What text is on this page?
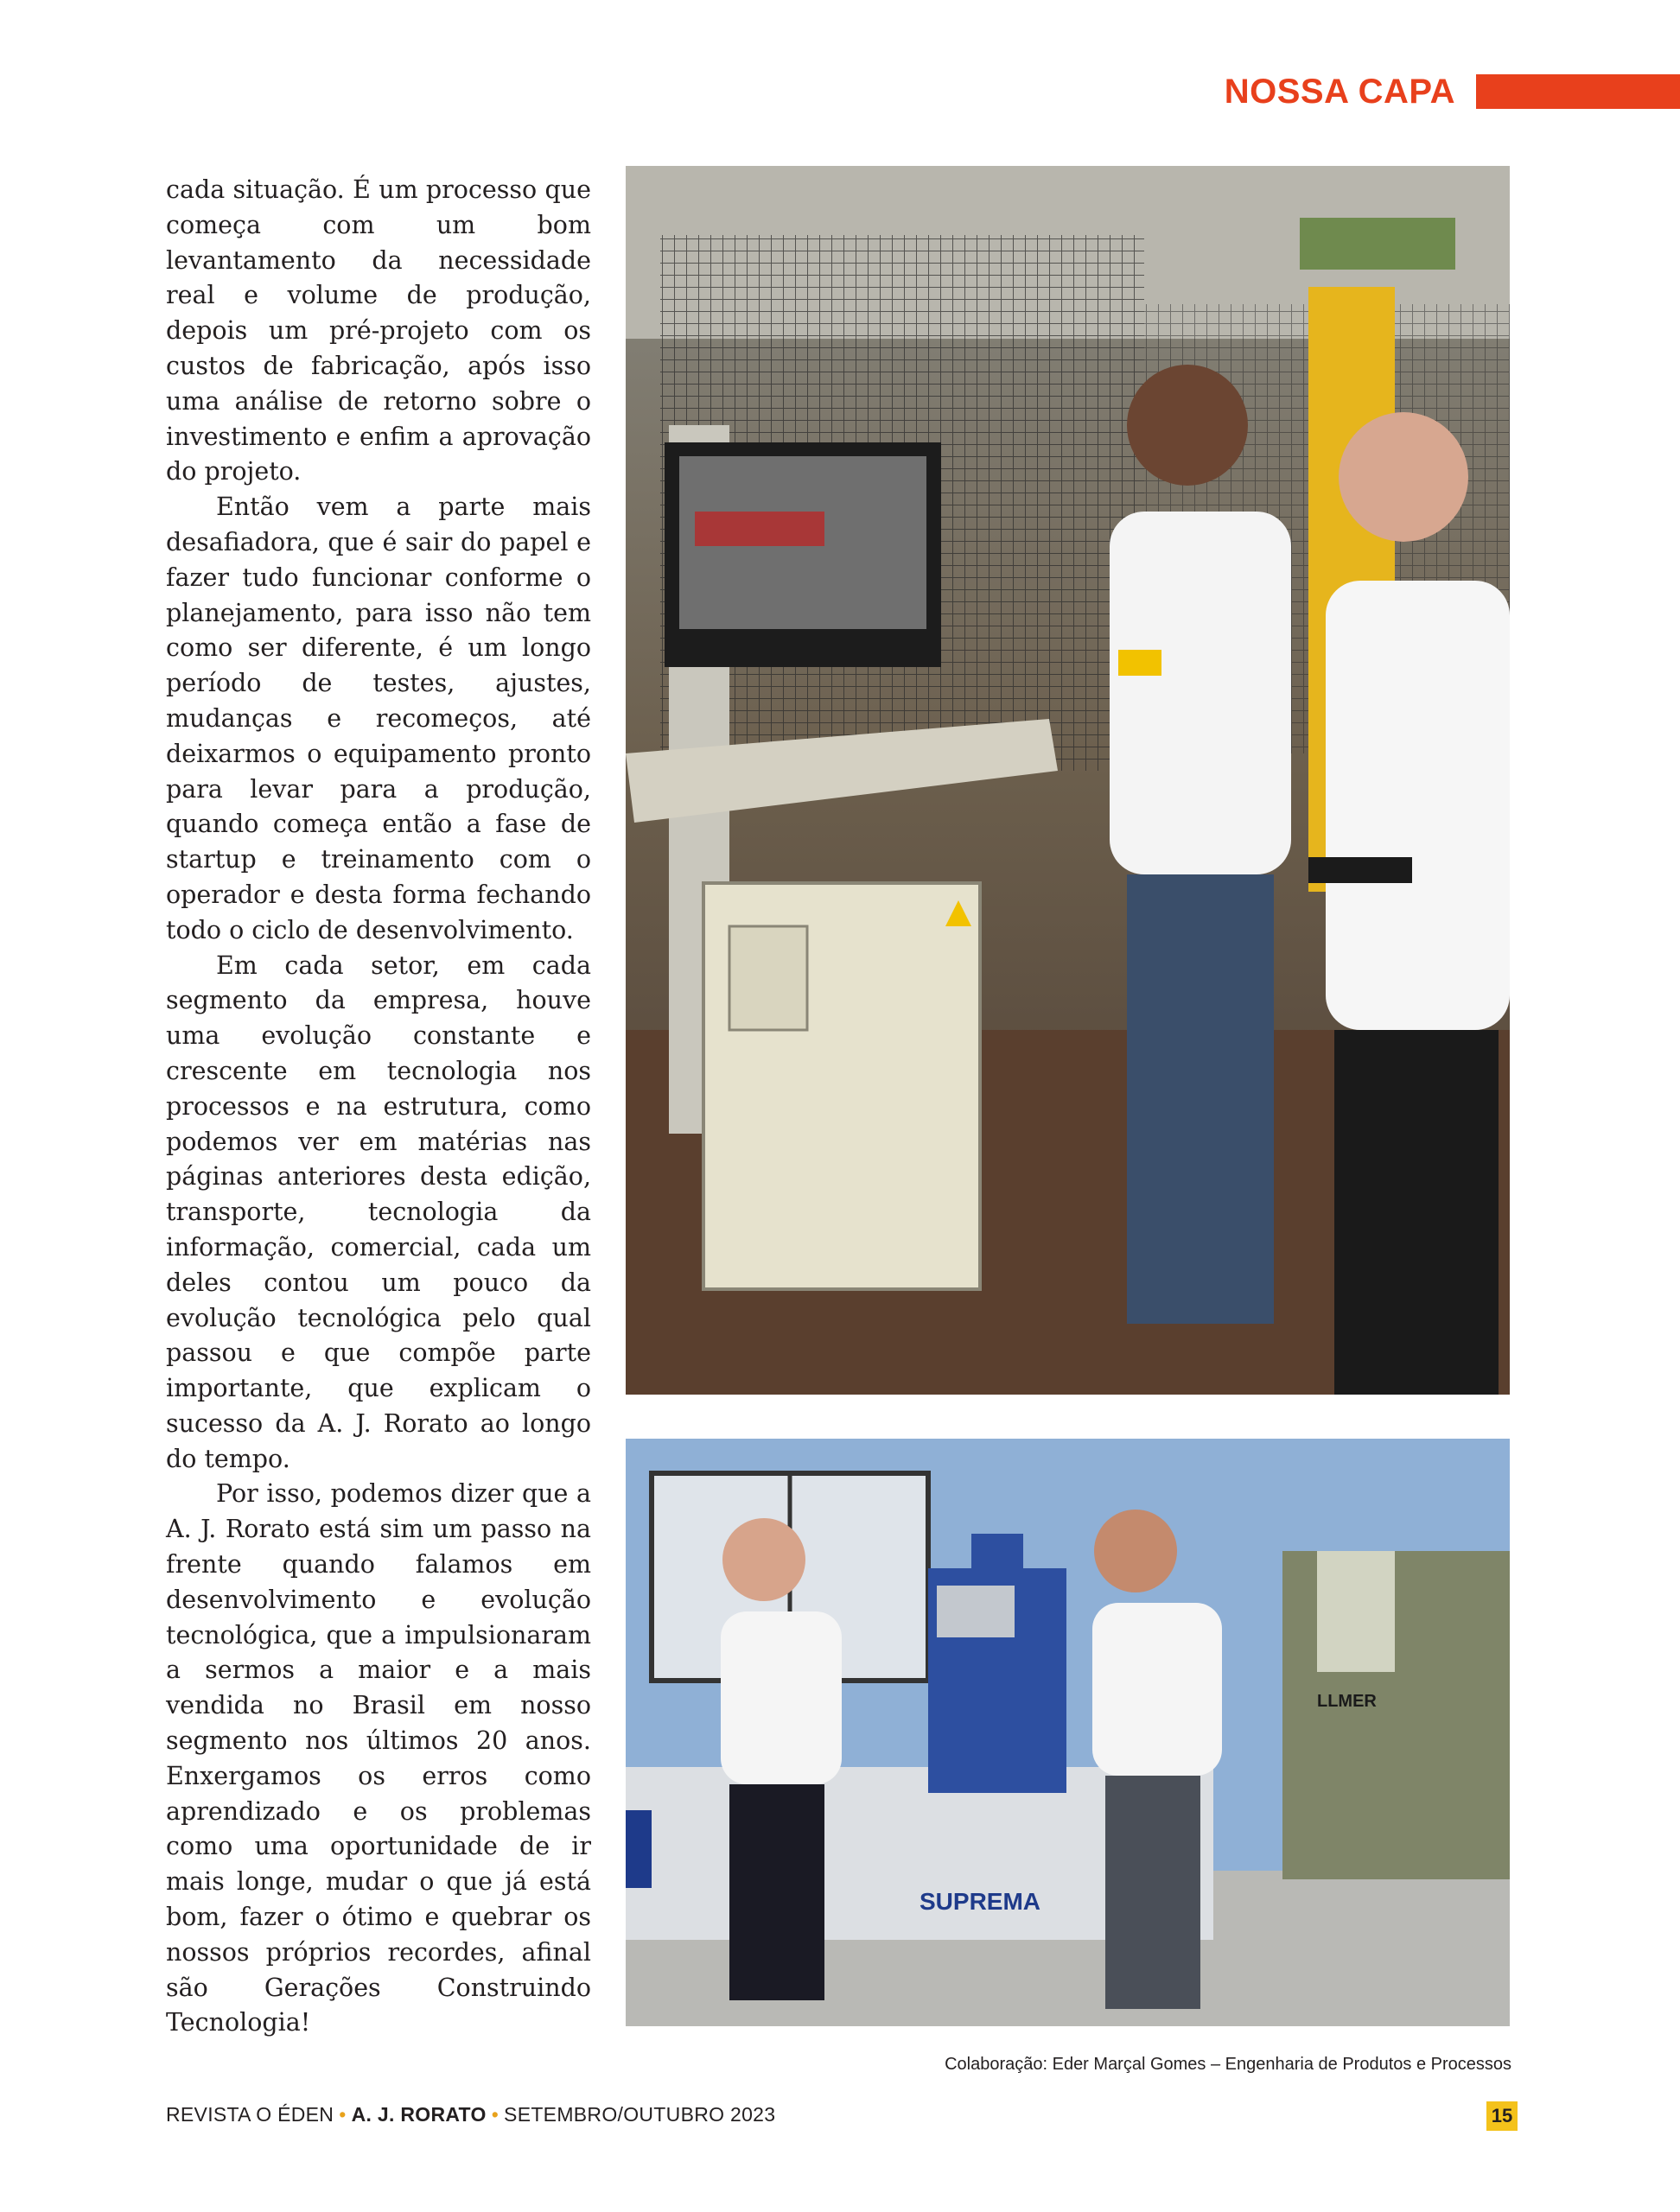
NOSSA CAPA

cada situação. É um processo que começa com um bom levantamento da necessidade real e volume de produção, depois um pré-projeto com os custos de fabricação, após isso uma análise de retorno sobre o investimento e enfim a aprovação do projeto.

Então vem a parte mais desafiadora, que é sair do papel e fazer tudo funcionar conforme o planejamento, para isso não tem como ser diferente, é um longo período de testes, ajustes, mudanças e recomeços, até deixarmos o equipamento pronto para levar para a produção, quando começa então a fase de startup e treinamento com o operador e desta forma fechando todo o ciclo de desenvolvimento.

Em cada setor, em cada segmento da empresa, houve uma evolução constante e crescente em tecnologia nos processos e na estrutura, como podemos ver em matérias nas páginas anteriores desta edição, transporte, tecnologia da informação, comercial, cada um deles contou um pouco da evolução tecnológica pelo qual passou e que compõe parte importante, que explicam o sucesso da A. J. Rorato ao longo do tempo.

Por isso, podemos dizer que a A. J. Rorato está sim um passo na frente quando falamos em desenvolvimento e evolução tecnológica, que a impulsionaram a sermos a maior e a mais vendida no Brasil em nosso segmento nos últimos 20 anos. Enxergamos os erros como aprendizado e os problemas como uma oportunidade de ir mais longe, mudar o que já está bom, fazer o ótimo e quebrar os nossos próprios recordes, afinal são Gerações Construindo Tecnologia!

SUPREMA
LLMER
Colaboração: Eder Marçal Gomes – Engenharia de Produtos e Processos
REVISTA O ÉDEN • A. J. RORATO • SETEMBRO/OUTUBRO 2023	15
